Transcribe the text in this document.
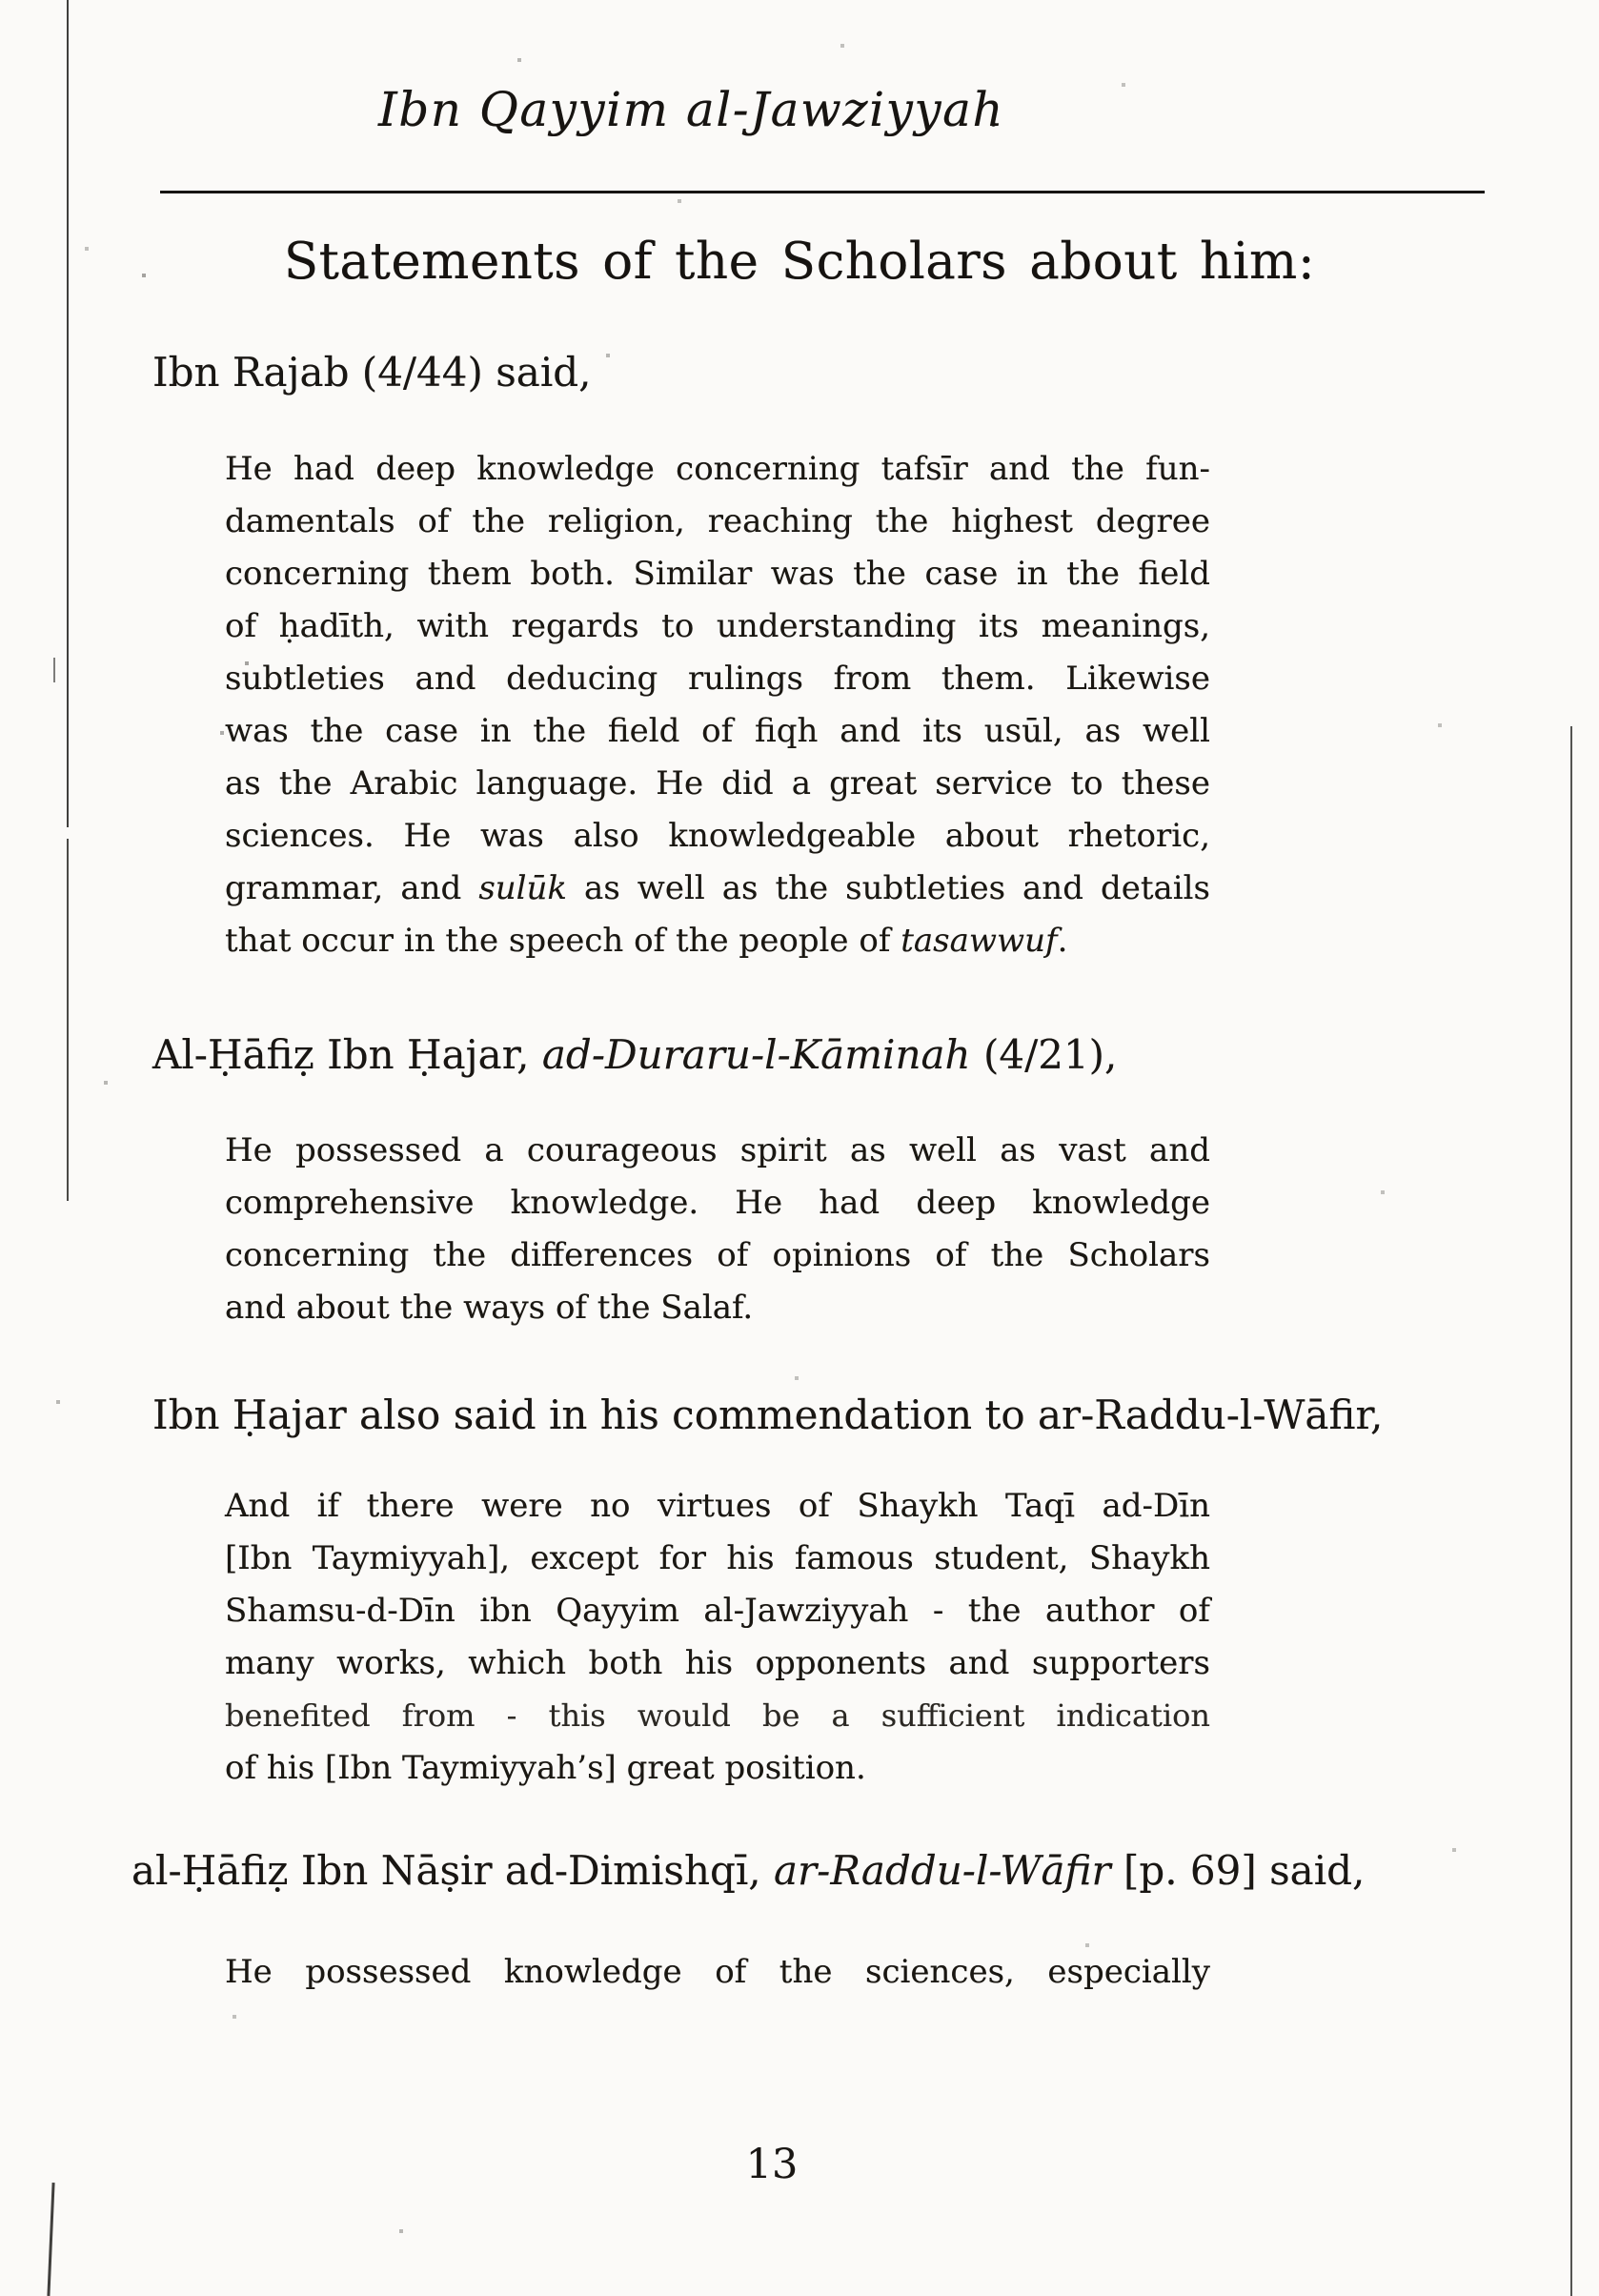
Ibn Qayyim al-Jawziyyah
Statements of the Scholars about him:
Ibn Rajab (4/44) said,
He had deep knowledge concerning tafsīr and the fun-
damentals of the religion, reaching the highest degree
concerning them both. Similar was the case in the field
of ḥadīth, with regards to understanding its meanings,
subtleties and deducing rulings from them. Likewise
was the case in the field of fiqh and its usūl, as well
as the Arabic language. He did a great service to these
sciences. He was also knowledgeable about rhetoric,
grammar, and sulūk as well as the subtleties and details
that occur in the speech of the people of tasawwuf.
Al-Ḥāfiẓ Ibn Ḥajar, ad-Duraru-l-Kāminah (4/21),
He possessed a courageous spirit as well as vast and
comprehensive knowledge. He had deep knowledge
concerning the differences of opinions of the Scholars
and about the ways of the Salaf.
Ibn Ḥajar also said in his commendation to ar-Raddu-l-Wāfir,
And if there were no virtues of Shaykh Taqī ad-Dīn
[Ibn Taymiyyah], except for his famous student, Shaykh
Shamsu-d-Dīn ibn Qayyim al-Jawziyyah - the author of
many works, which both his opponents and supporters
benefited from - this would be a sufficient indication
of his [Ibn Taymiyyah’s] great position.
al-Ḥāfiẓ Ibn Nāṣir ad-Dimishqī, ar-Raddu-l-Wāfir [p. 69] said,
He possessed knowledge of the sciences, especially
13
